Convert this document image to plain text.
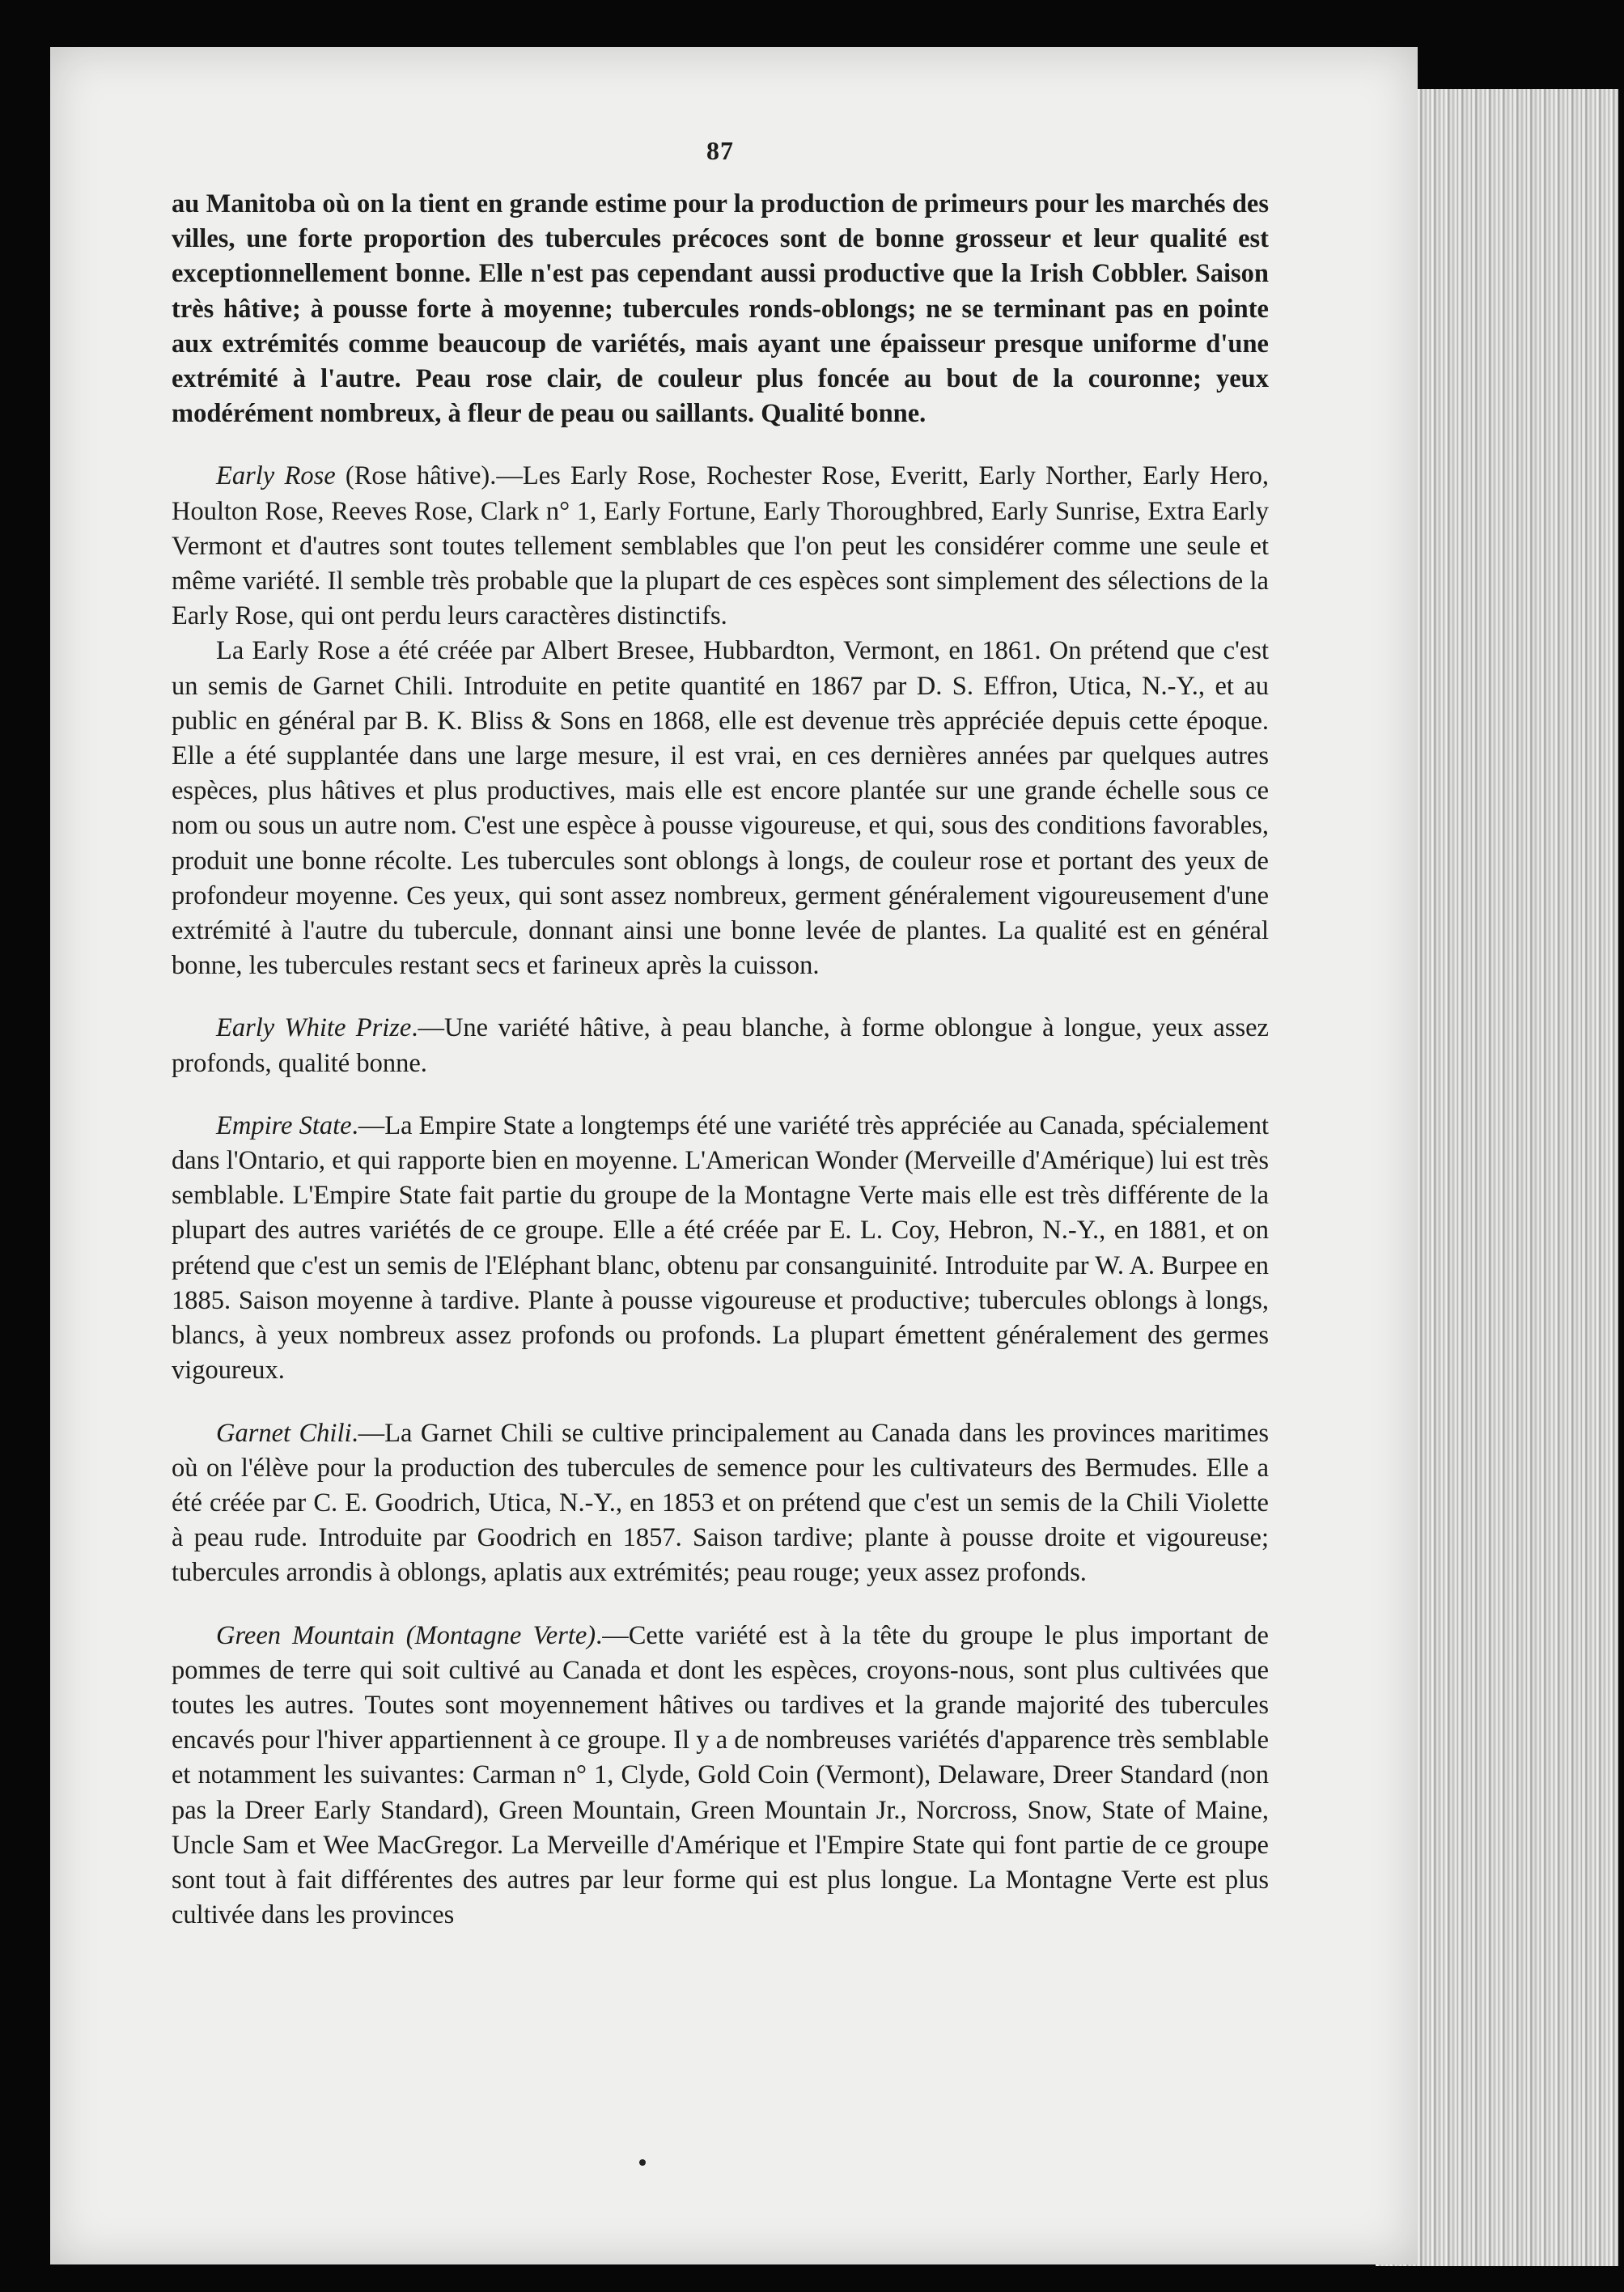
87

au Manitoba où on la tient en grande estime pour la production de primeurs pour les marchés des villes, une forte proportion des tubercules précoces sont de bonne grosseur et leur qualité est exceptionnellement bonne. Elle n'est pas cependant aussi productive que la Irish Cobbler. Saison très hâtive; à pousse forte à moyenne; tubercules ronds-oblongs; ne se terminant pas en pointe aux extrémités comme beaucoup de variétés, mais ayant une épaisseur presque uniforme d'une extrémité à l'autre. Peau rose clair, de couleur plus foncée au bout de la couronne; yeux modérément nombreux, à fleur de peau ou saillants. Qualité bonne.

Early Rose (Rose hâtive).—Les Early Rose, Rochester Rose, Everitt, Early Norther, Early Hero, Houlton Rose, Reeves Rose, Clark n° 1, Early Fortune, Early Thoroughbred, Early Sunrise, Extra Early Vermont et d'autres sont toutes tellement semblables que l'on peut les considérer comme une seule et même variété. Il semble très probable que la plupart de ces espèces sont simplement des sélections de la Early Rose, qui ont perdu leurs caractères distinctifs.

La Early Rose a été créée par Albert Bresee, Hubbardton, Vermont, en 1861. On prétend que c'est un semis de Garnet Chili. Introduite en petite quantité en 1867 par D. S. Effron, Utica, N.-Y., et au public en général par B. K. Bliss & Sons en 1868, elle est devenue très appréciée depuis cette époque. Elle a été supplantée dans une large mesure, il est vrai, en ces dernières années par quelques autres espèces, plus hâtives et plus productives, mais elle est encore plantée sur une grande échelle sous ce nom ou sous un autre nom. C'est une espèce à pousse vigoureuse, et qui, sous des conditions favorables, produit une bonne récolte. Les tubercules sont oblongs à longs, de couleur rose et portant des yeux de profondeur moyenne. Ces yeux, qui sont assez nombreux, germent généralement vigoureusement d'une extrémité à l'autre du tubercule, donnant ainsi une bonne levée de plantes. La qualité est en général bonne, les tubercules restant secs et farineux après la cuisson.

Early White Prize.—Une variété hâtive, à peau blanche, à forme oblongue à longue, yeux assez profonds, qualité bonne.

Empire State.—La Empire State a longtemps été une variété très appréciée au Canada, spécialement dans l'Ontario, et qui rapporte bien en moyenne. L'American Wonder (Merveille d'Amérique) lui est très semblable. L'Empire State fait partie du groupe de la Montagne Verte mais elle est très différente de la plupart des autres variétés de ce groupe. Elle a été créée par E. L. Coy, Hebron, N.-Y., en 1881, et on prétend que c'est un semis de l'Eléphant blanc, obtenu par consanguinité. Introduite par W. A. Burpee en 1885. Saison moyenne à tardive. Plante à pousse vigoureuse et productive; tubercules oblongs à longs, blancs, à yeux nombreux assez profonds ou profonds. La plupart émettent généralement des germes vigoureux.

Garnet Chili.—La Garnet Chili se cultive principalement au Canada dans les provinces maritimes où on l'élève pour la production des tubercules de semence pour les cultivateurs des Bermudes. Elle a été créée par C. E. Goodrich, Utica, N.-Y., en 1853 et on prétend que c'est un semis de la Chili Violette à peau rude. Introduite par Goodrich en 1857. Saison tardive; plante à pousse droite et vigoureuse; tubercules arrondis à oblongs, aplatis aux extrémités; peau rouge; yeux assez profonds.

Green Mountain (Montagne Verte).—Cette variété est à la tête du groupe le plus important de pommes de terre qui soit cultivé au Canada et dont les espèces, croyons-nous, sont plus cultivées que toutes les autres. Toutes sont moyennement hâtives ou tardives et la grande majorité des tubercules encavés pour l'hiver appartiennent à ce groupe. Il y a de nombreuses variétés d'apparence très semblable et notamment les suivantes: Carman n° 1, Clyde, Gold Coin (Vermont), Delaware, Dreer Standard (non pas la Dreer Early Standard), Green Mountain, Green Mountain Jr., Norcross, Snow, State of Maine, Uncle Sam et Wee MacGregor. La Merveille d'Amérique et l'Empire State qui font partie de ce groupe sont tout à fait différentes des autres par leur forme qui est plus longue. La Montagne Verte est plus cultivée dans les provinces
